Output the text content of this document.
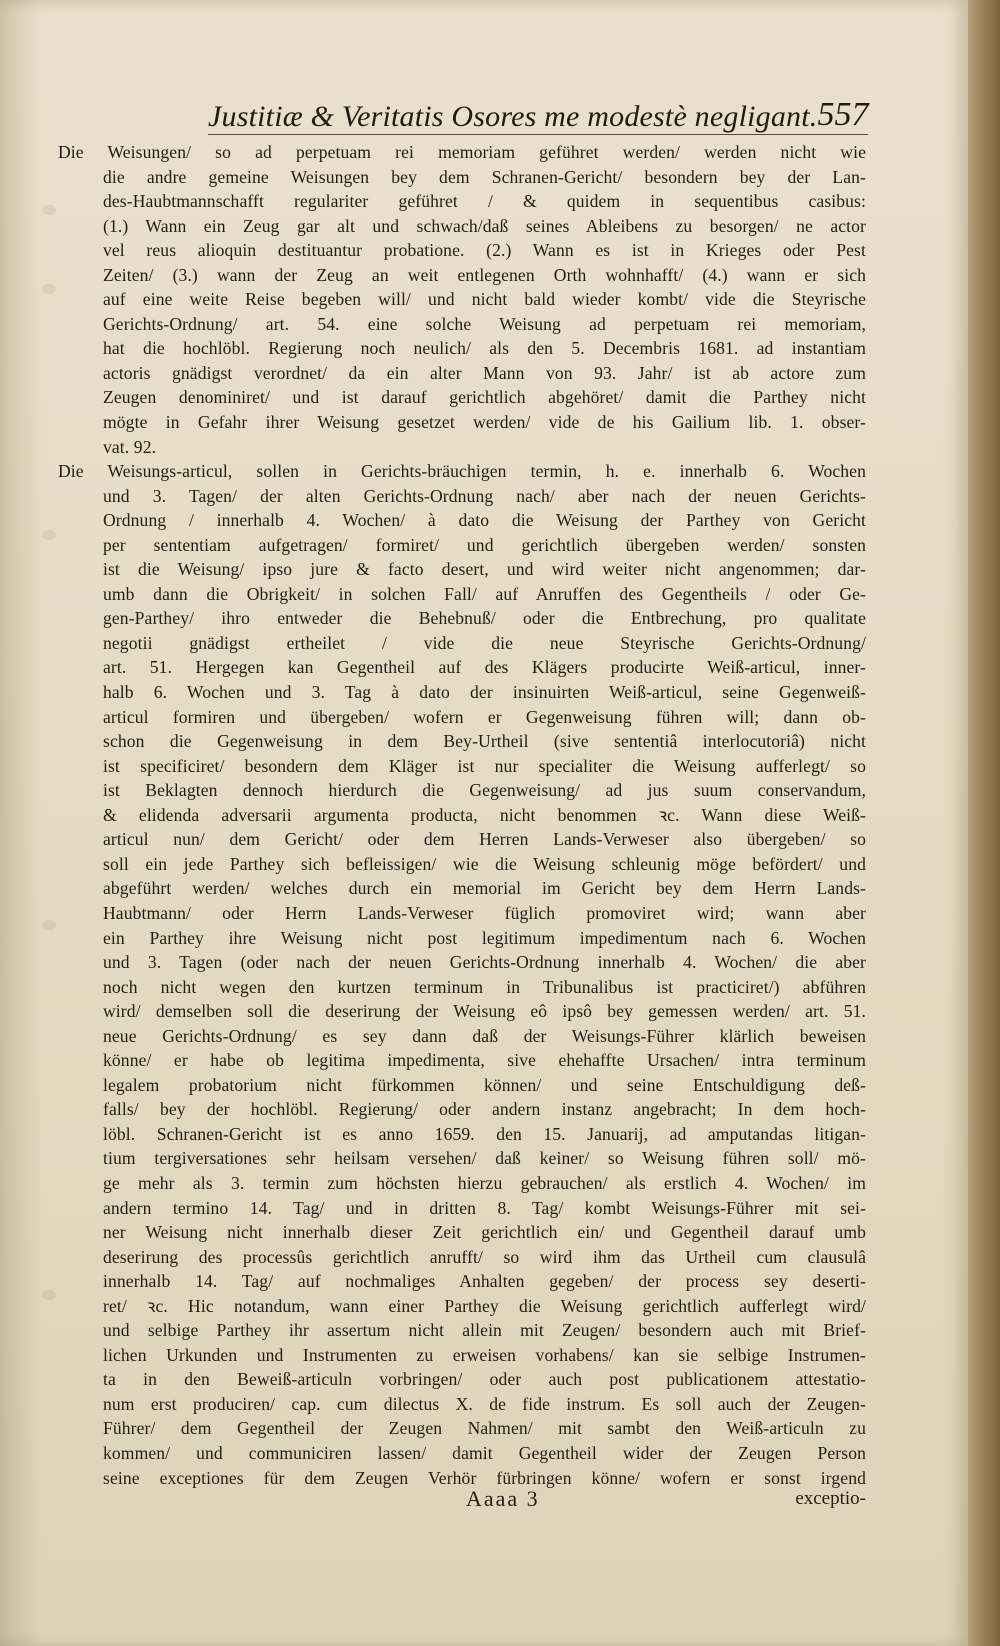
Justitiæ & Veritatis Osores me modestè negligant. 557
Die Weisungen/ so ad perpetuam rei memoriam geführet werden/ werden nicht wie
die andre gemeine Weisungen bey dem Schranen-Gericht/ besondern bey der Lan-
des-Haubtmannschafft regulariter geführet / & quidem in sequentibus casibus:
(1.) Wann ein Zeug gar alt und schwach/daß seines Ableibens zu besorgen/ ne actor
vel reus alioquin destituantur probatione. (2.) Wann es ist in Krieges oder Pest
Zeiten/ (3.) wann der Zeug an weit entlegenen Orth wohnhafft/ (4.) wann er sich
auf eine weite Reise begeben will/ und nicht bald wieder kombt/ vide die Steyrische
Gerichts-Ordnung/ art. 54. eine solche Weisung ad perpetuam rei memoriam,
hat die hochlöbl. Regierung noch neulich/ als den 5. Decembris 1681. ad instantiam
actoris gnädigst verordnet/ da ein alter Mann von 93. Jahr/ ist ab actore zum
Zeugen denominiret/ und ist darauf gerichtlich abgehöret/ damit die Parthey nicht
mögte in Gefahr ihrer Weisung gesetzet werden/ vide de his Gailium lib. 1. obser-
vat. 92.
Die Weisungs-articul, sollen in Gerichts-bräuchigen termin, h. e. innerhalb 6. Wochen
und 3. Tagen/ der alten Gerichts-Ordnung nach/ aber nach der neuen Gerichts-
Ordnung / innerhalb 4. Wochen/ à dato die Weisung der Parthey von Gericht
per sententiam aufgetragen/ formiret/ und gerichtlich übergeben werden/ sonsten
ist die Weisung/ ipso jure & facto desert, und wird weiter nicht angenommen; dar-
umb dann die Obrigkeit/ in solchen Fall/ auf Anruffen des Gegentheils / oder Ge-
gen-Parthey/ ihro entweder die Behebnuß/ oder die Entbrechung, pro qualitate
negotii gnädigst ertheilet / vide die neue Steyrische Gerichts-Ordnung/
art. 51. Hergegen kan Gegentheil auf des Klägers producirte Weiß-articul, inner-
halb 6. Wochen und 3. Tag à dato der insinuirten Weiß-articul, seine Gegenweiß-
articul formiren und übergeben/ wofern er Gegenweisung führen will; dann ob-
schon die Gegenweisung in dem Bey-Urtheil (sive sententiâ interlocutoriâ) nicht
ist specificiret/ besondern dem Kläger ist nur specialiter die Weisung aufferlegt/ so
ist Beklagten dennoch hierdurch die Gegenweisung/ ad jus suum conservandum,
& elidenda adversarii argumenta producta, nicht benommen ꝛc. Wann diese Weiß-
articul nun/ dem Gericht/ oder dem Herren Lands-Verweser also übergeben/ so
soll ein jede Parthey sich befleissigen/ wie die Weisung schleunig möge befördert/ und
abgeführt werden/ welches durch ein memorial im Gericht bey dem Herrn Lands-
Haubtmann/ oder Herrn Lands-Verweser füglich promoviret wird; wann aber
ein Parthey ihre Weisung nicht post legitimum impedimentum nach 6. Wochen
und 3. Tagen (oder nach der neuen Gerichts-Ordnung innerhalb 4. Wochen/ die aber
noch nicht wegen den kurtzen terminum in Tribunalibus ist practiciret/) abführen
wird/ demselben soll die deserirung der Weisung eô ipsô bey gemessen werden/ art. 51.
neue Gerichts-Ordnung/ es sey dann daß der Weisungs-Führer klärlich beweisen
könne/ er habe ob legitima impedimenta, sive ehehaffte Ursachen/ intra terminum
legalem probatorium nicht fürkommen können/ und seine Entschuldigung deß-
falls/ bey der hochlöbl. Regierung/ oder andern instanz angebracht; In dem hoch-
löbl. Schranen-Gericht ist es anno 1659. den 15. Januarij, ad amputandas litigan-
tium tergiversationes sehr heilsam versehen/ daß keiner/ so Weisung führen soll/ mö-
ge mehr als 3. termin zum höchsten hierzu gebrauchen/ als erstlich 4. Wochen/ im
andern termino 14. Tag/ und in dritten 8. Tag/ kombt Weisungs-Führer mit sei-
ner Weisung nicht innerhalb dieser Zeit gerichtlich ein/ und Gegentheil darauf umb
deserirung des processûs gerichtlich anrufft/ so wird ihm das Urtheil cum clausulâ
innerhalb 14. Tag/ auf nochmaliges Anhalten gegeben/ der process sey deserti-
ret/ ꝛc. Hic notandum, wann einer Parthey die Weisung gerichtlich aufferlegt wird/
und selbige Parthey ihr assertum nicht allein mit Zeugen/ besondern auch mit Brief-
lichen Urkunden und Instrumenten zu erweisen vorhabens/ kan sie selbige Instrumen-
ta in den Beweiß-articuln vorbringen/ oder auch post publicationem attestatio-
num erst produciren/ cap. cum dilectus X. de fide instrum. Es soll auch der Zeugen-
Führer/ dem Gegentheil der Zeugen Nahmen/ mit sambt den Weiß-articuln zu
kommen/ und communiciren lassen/ damit Gegentheil wider der Zeugen Person
seine exceptiones für dem Zeugen Verhör fürbringen könne/ wofern er sonst irgend
Aaaa 3	exceptio-
